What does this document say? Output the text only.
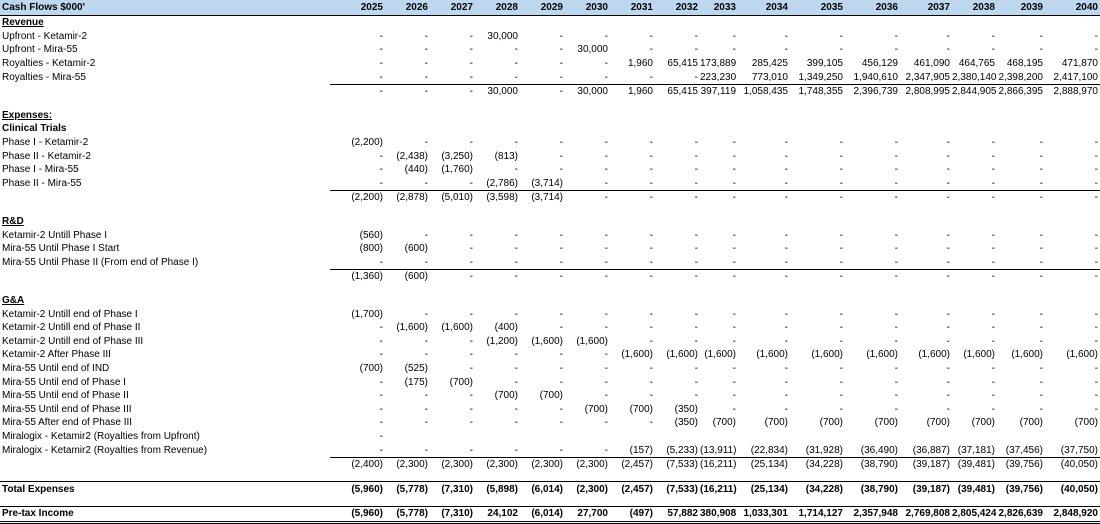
Cash Flows $000'	2025	2026	2027	2028	2029	2030	2031	2032	2033	2034	2035	2036	2037	2038	2039	2040
Revenue																
Upfront - Ketamir-2	-	-	-	30,000	-	-	-	-	-	-	-	-	-	-	-	-
Upfront - Mira-55	-	-	-	-	-	30,000	-	-	-	-	-	-	-	-	-	-
Royalties - Ketamir-2	-	-	-	-	-	-	1,960	65,415	173,889	285,425	399,105	456,129	461,090	464,765	468,195	471,870
Royalties - Mira-55	-	-	-	-	-	-	-	-	223,230	773,010	1,349,250	1,940,610	2,347,905	2,380,140	2,398,200	2,417,100
	-	-	-	30,000	-	30,000	1,960	65,415	397,119	1,058,435	1,748,355	2,396,739	2,808,995	2,844,905	2,866,395	2,888,970

Expenses:																
Clinical Trials																
Phase I - Ketamir-2	(2,200)	-	-	-	-	-	-	-	-	-	-	-	-	-	-	-
Phase II - Ketamir-2	-	(2,438)	(3,250)	(813)	-	-	-	-	-	-	-	-	-	-	-	-
Phase I - Mira-55	-	(440)	(1,760)	-	-	-	-	-	-	-	-	-	-	-	-	-
Phase II - Mira-55	-	-	-	(2,786)	(3,714)	-	-	-	-	-	-	-	-	-	-	-
	(2,200)	(2,878)	(5,010)	(3,598)	(3,714)	-	-	-	-	-	-	-	-	-	-	-

R&D																
Ketamir-2 Untill Phase I	(560)	-	-	-	-	-	-	-	-	-	-	-	-	-	-	-
Mira-55 Until Phase I Start	(800)	(600)	-	-	-	-	-	-	-	-	-	-	-	-	-	-
Mira-55 Until Phase II (From end of Phase I)	-	-	-	-	-	-	-	-	-	-	-	-	-	-	-	-
	(1,360)	(600)	-	-	-	-	-	-	-	-	-	-	-	-	-	-

G&A																
Ketamir-2 Untill end of Phase I	(1,700)	-	-	-	-	-	-	-	-	-	-	-	-	-	-	-
Ketamir-2 Untill end of Phase II	-	(1,600)	(1,600)	(400)	-	-	-	-	-	-	-	-	-	-	-	-
Ketamir-2 Untill end of Phase III	-	-	-	(1,200)	(1,600)	(1,600)	-	-	-	-	-	-	-	-	-	-
Ketamir-2 After Phase III	-	-	-	-	-	-	(1,600)	(1,600)	(1,600)	(1,600)	(1,600)	(1,600)	(1,600)	(1,600)	(1,600)	(1,600)
Mira-55 Until end of IND	(700)	(525)	-	-	-	-	-	-	-	-	-	-	-	-	-	-
Mira-55 Until end of Phase I	-	(175)	(700)	-	-	-	-	-	-	-	-	-	-	-	-	-
Mira-55 Until end of Phase II	-	-	-	(700)	(700)	-	-	-	-	-	-	-	-	-	-	-
Mira-55 Until end of Phase III	-	-	-	-	-	(700)	(700)	(350)	-	-	-	-	-	-	-	-
Mira-55 After end of Phase III	-	-	-	-	-	-	-	(350)	(700)	(700)	(700)	(700)	(700)	(700)	(700)	(700)
Miralogix - Ketamir2 (Royalties from Upfront)	-															
Miralogix - Ketamir2 (Royalties from Revenue)	-	-	-	-	-	-	(157)	(5,233)	(13,911)	(22,834)	(31,928)	(36,490)	(36,887)	(37,181)	(37,456)	(37,750)
	(2,400)	(2,300)	(2,300)	(2,300)	(2,300)	(2,300)	(2,457)	(7,533)	(16,211)	(25,134)	(34,228)	(38,790)	(39,187)	(39,481)	(39,756)	(40,050)

Total Expenses	(5,960)	(5,778)	(7,310)	(5,898)	(6,014)	(2,300)	(2,457)	(7,533)	(16,211)	(25,134)	(34,228)	(38,790)	(39,187)	(39,481)	(39,756)	(40,050)

Pre-tax Income	(5,960)	(5,778)	(7,310)	24,102	(6,014)	27,700	(497)	57,882	380,908	1,033,301	1,714,127	2,357,948	2,769,808	2,805,424	2,826,639	2,848,920
